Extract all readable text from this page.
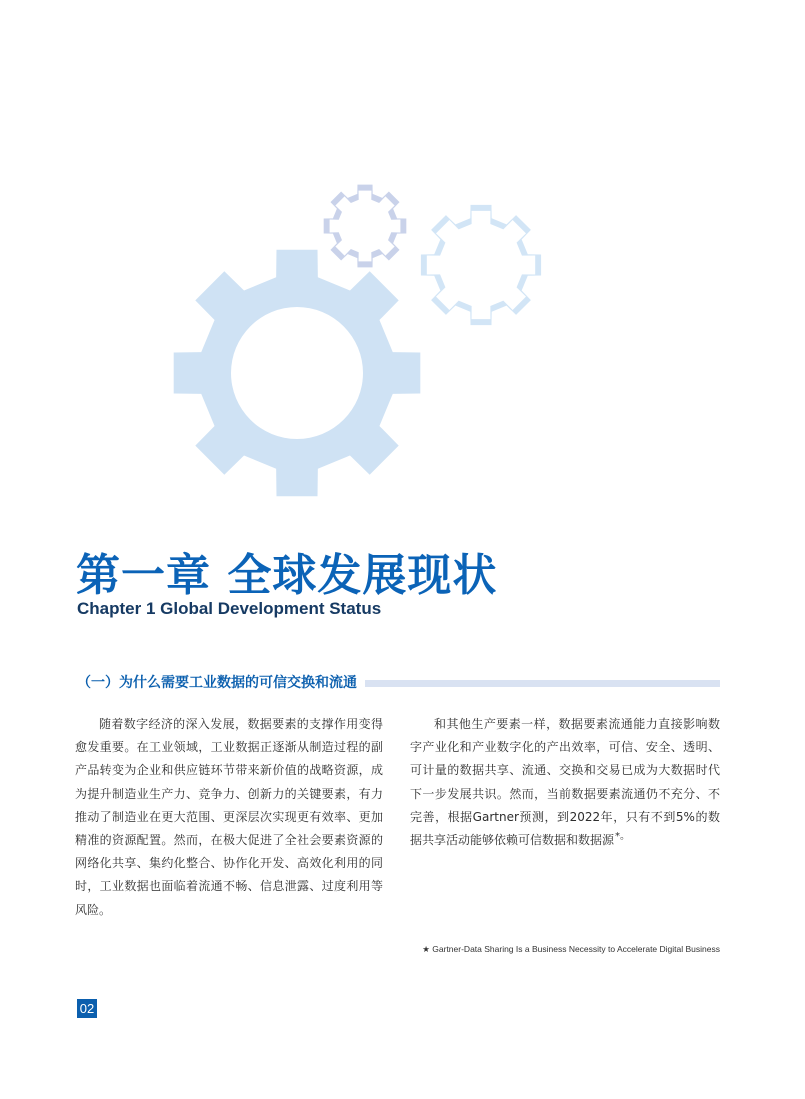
第一章 全球发展现状
Chapter 1 Global Development Status
（一）为什么需要工业数据的可信交换和流通

随着数字经济的深入发展，数据要素的支撑作用变得愈发重要。在工业领域，工业数据正逐渐从制造过程的副产品转变为企业和供应链环节带来新价值的战略资源，成为提升制造业生产力、竞争力、创新力的关键要素，有力推动了制造业在更大范围、更深层次实现更有效率、更加精准的资源配置。然而，在极大促进了全社会要素资源的网络化共享、集约化整合、协作化开发、高效化利用的同时，工业数据也面临着流通不畅、信息泄露、过度利用等风险。

和其他生产要素一样，数据要素流通能力直接影响数字产业化和产业数字化的产出效率，可信、安全、透明、可计量的数据共享、流通、交换和交易已成为大数据时代下一步发展共识。然而，当前数据要素流通仍不充分、不完善，根据Gartner预测，到2022年，只有不到5%的数据共享活动能够依赖可信数据和数据源*。

★ Gartner-Data Sharing Is a Business Necessity to Accelerate Digital Business

02
